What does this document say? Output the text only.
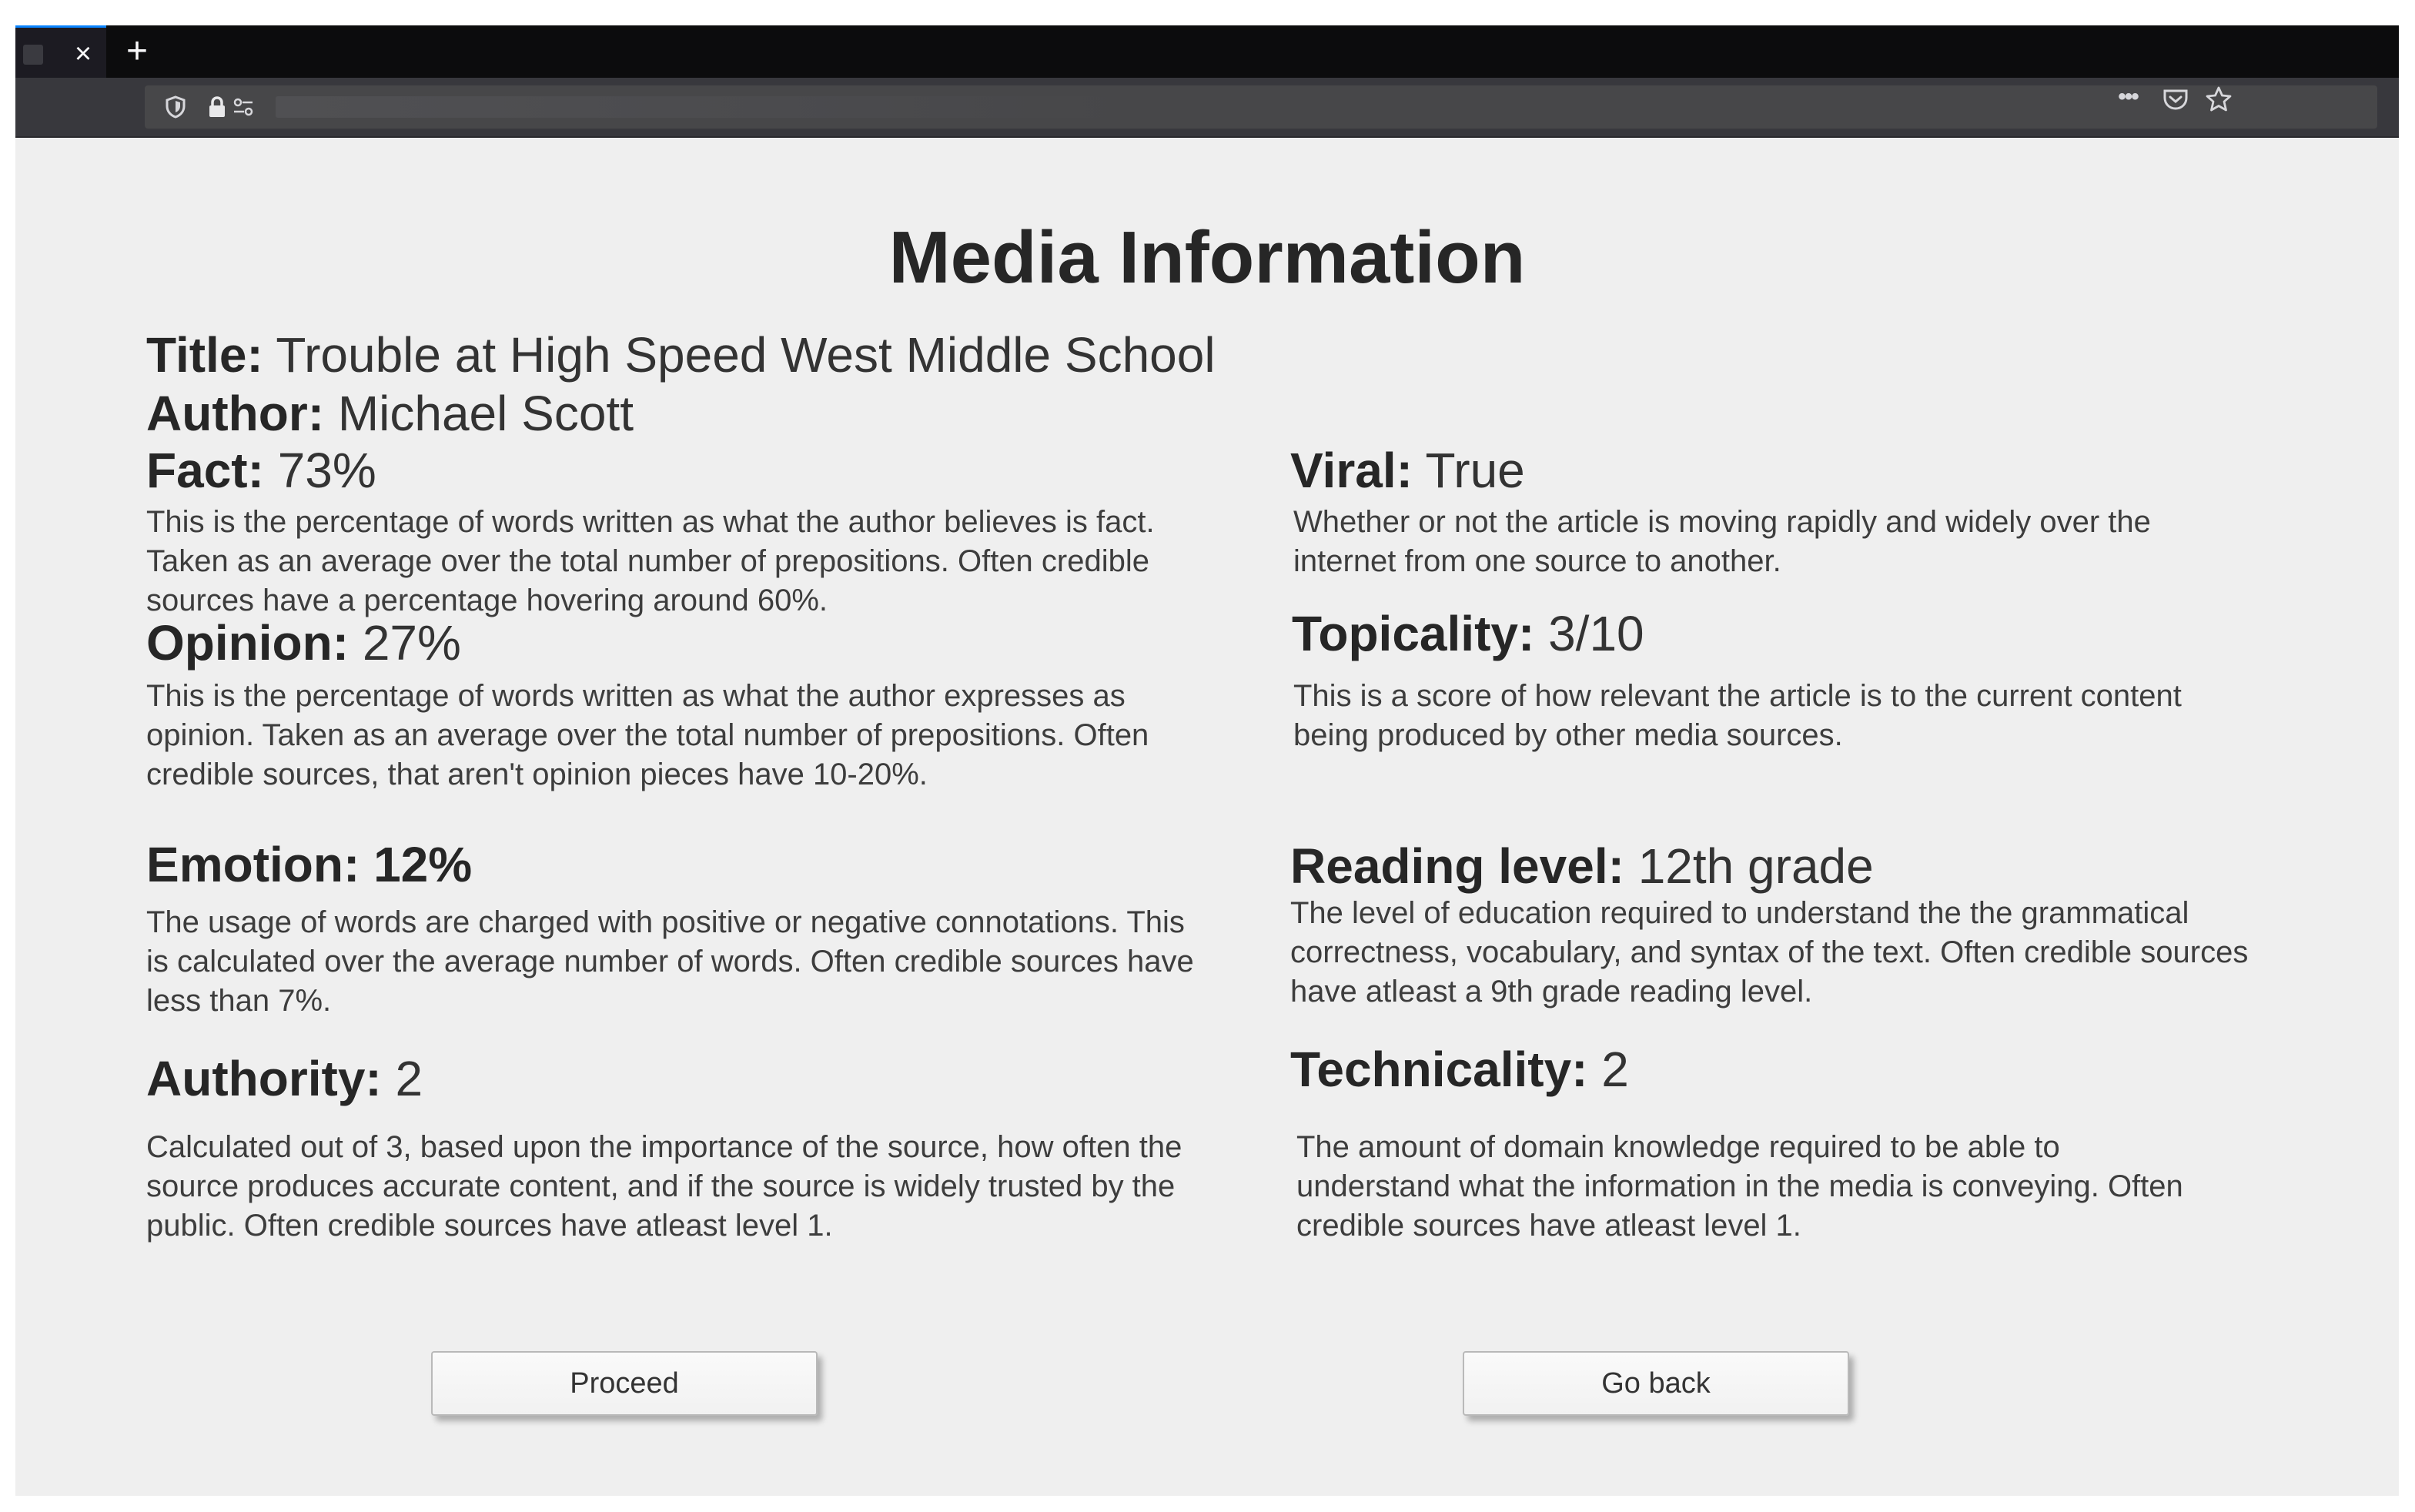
× +
•••
Media Information
Title: Trouble at High Speed West Middle School
Author: Michael Scott
Fact: 73%
This is the percentage of words written as what the author believes is fact. Taken as an average over the total number of prepositions. Often credible sources have a percentage hovering around 60%.
Opinion: 27%
This is the percentage of words written as what the author expresses as opinion. Taken as an average over the total number of prepositions. Often credible sources, that aren't opinion pieces have 10-20%.
Emotion: 12%
The usage of words are charged with positive or negative connotations. This is calculated over the average number of words. Often credible sources have less than 7%.
Authority: 2
Calculated out of 3, based upon the importance of the source, how often the source produces accurate content, and if the source is widely trusted by the public. Often credible sources have atleast level 1.
Viral: True
Whether or not the article is moving rapidly and widely over the internet from one source to another.
Topicality: 3/10
This is a score of how relevant the article is to the current content being produced by other media sources.
Reading level: 12th grade
The level of education required to understand the the grammatical correctness, vocabulary, and syntax of the text. Often credible sources have atleast a 9th grade reading level.
Technicality: 2
The amount of domain knowledge required to be able to understand what the information in the media is conveying. Often credible sources have atleast level 1.
Proceed	Go back
